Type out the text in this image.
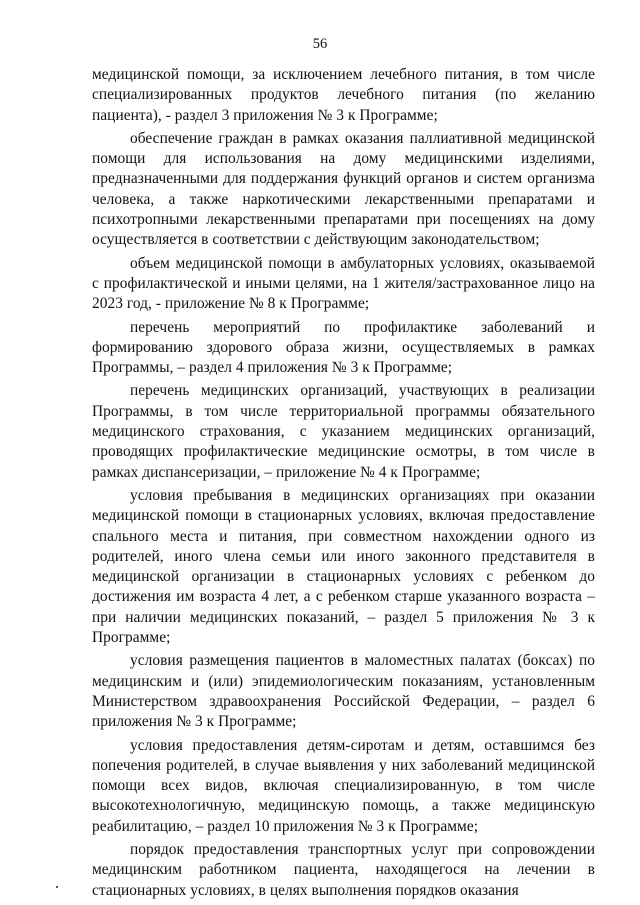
56

медицинской помощи, за исключением лечебного питания, в том числе специализированных продуктов лечебного питания (по желанию пациента), - раздел 3 приложения № 3 к Программе;

обеспечение граждан в рамках оказания паллиативной медицинской помощи для использования на дому медицинскими изделиями, предназначенными для поддержания функций органов и систем организма человека, а также наркотическими лекарственными препаратами и психотропными лекарственными препаратами при посещениях на дому осуществляется в соответствии с действующим законодательством;

объем медицинской помощи в амбулаторных условиях, оказываемой с профилактической и иными целями, на 1 жителя/застрахованное лицо на 2023 год, - приложение № 8 к Программе;

перечень мероприятий по профилактике заболеваний и формированию здорового образа жизни, осуществляемых в рамках Программы, – раздел 4 приложения № 3 к Программе;

перечень медицинских организаций, участвующих в реализации Программы, в том числе территориальной программы обязательного медицинского страхования, с указанием медицинских организаций, проводящих профилактические медицинские осмотры, в том числе в рамках диспансеризации, – приложение № 4 к Программе;

условия пребывания в медицинских организациях при оказании медицинской помощи в стационарных условиях, включая предоставление спального места и питания, при совместном нахождении одного из родителей, иного члена семьи или иного законного представителя в медицинской организации в стационарных условиях с ребенком до достижения им возраста 4 лет, а с ребенком старше указанного возраста – при наличии медицинских показаний, – раздел 5 приложения № 3 к Программе;

условия размещения пациентов в маломестных палатах (боксах) по медицинским и (или) эпидемиологическим показаниям, установленным Министерством здравоохранения Российской Федерации, – раздел 6 приложения № 3 к Программе;

условия предоставления детям-сиротам и детям, оставшимся без попечения родителей, в случае выявления у них заболеваний медицинской помощи всех видов, включая специализированную, в том числе высокотехнологичную, медицинскую помощь, а также медицинскую реабилитацию, – раздел 10 приложения № 3 к Программе;

порядок предоставления транспортных услуг при сопровождении медицинским работником пациента, находящегося на лечении в стационарных условиях, в целях выполнения порядков оказания
